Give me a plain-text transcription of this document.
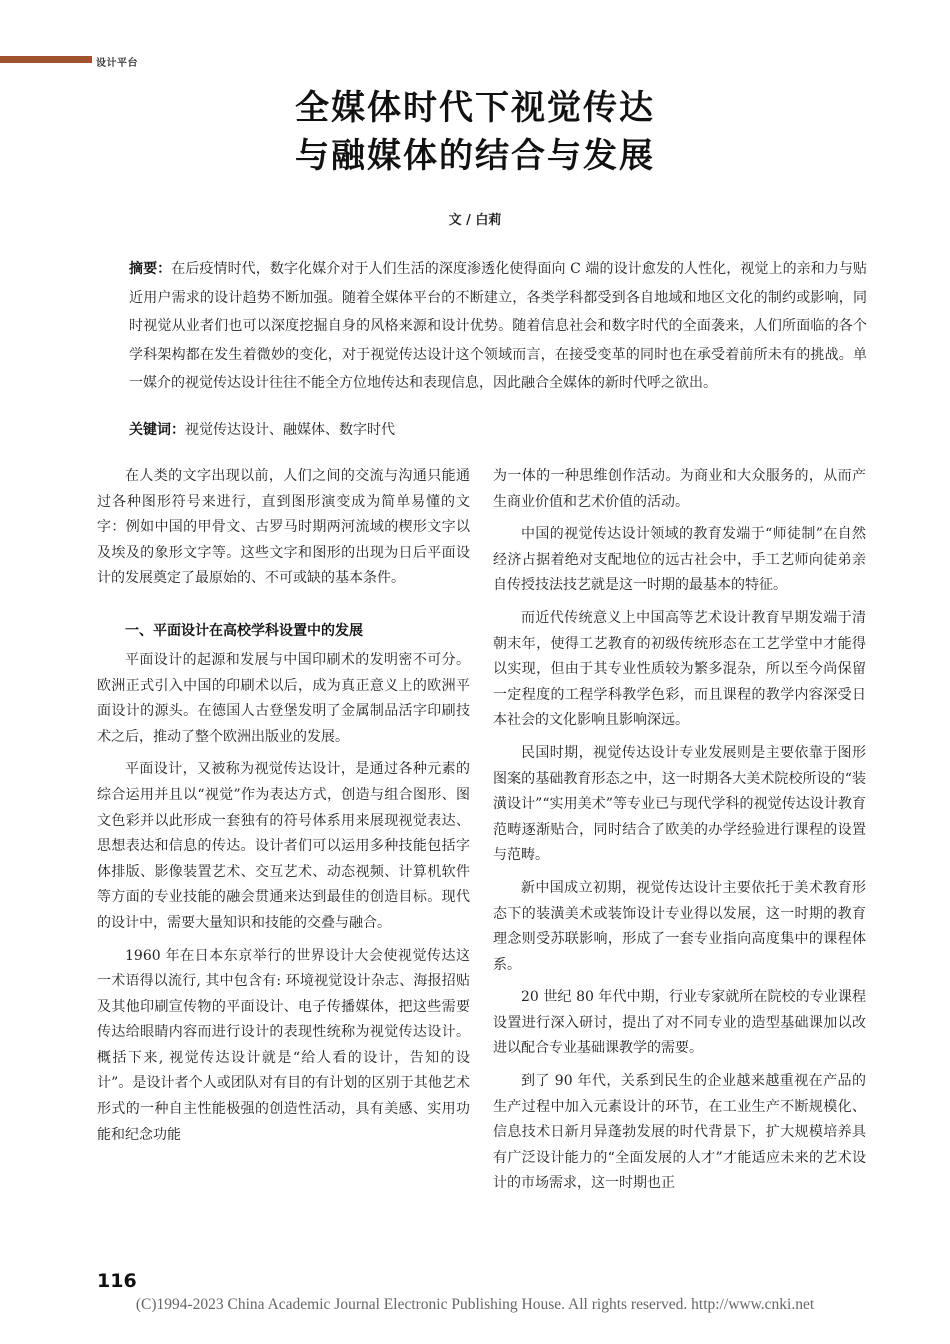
设计平台
全媒体时代下视觉传达
与融媒体的结合与发展
文 / 白莉
摘要：在后疫情时代，数字化媒介对于人们生活的深度渗透化使得面向 C 端的设计愈发的人性化，视觉上的亲和力与贴近用户需求的设计趋势不断加强。随着全媒体平台的不断建立，各类学科都受到各自地域和地区文化的制约或影响，同时视觉从业者们也可以深度挖掘自身的风格来源和设计优势。随着信息社会和数字时代的全面袭来，人们所面临的各个学科架构都在发生着微妙的变化，对于视觉传达设计这个领域而言，在接受变革的同时也在承受着前所未有的挑战。单一媒介的视觉传达设计往往不能全方位地传达和表现信息，因此融合全媒体的新时代呼之欲出。
关键词：视觉传达设计、融媒体、数字时代

在人类的文字出现以前，人们之间的交流与沟通只能通过各种图形符号来进行，直到图形演变成为简单易懂的文字：例如中国的甲骨文、古罗马时期两河流域的楔形文字以及埃及的象形文字等。这些文字和图形的出现为日后平面设计的发展奠定了最原始的、不可或缺的基本条件。

一、平面设计在高校学科设置中的发展

平面设计的起源和发展与中国印刷术的发明密不可分。欧洲正式引入中国的印刷术以后，成为真正意义上的欧洲平面设计的源头。在德国人古登堡发明了金属制品活字印刷技术之后，推动了整个欧洲出版业的发展。

平面设计，又被称为视觉传达设计，是通过各种元素的综合运用并且以“视觉”作为表达方式，创造与组合图形、图文色彩并以此形成一套独有的符号体系用来展现视觉表达、思想表达和信息的传达。设计者们可以运用多种技能包括字体排版、影像装置艺术、交互艺术、动态视频、计算机软件等方面的专业技能的融会贯通来达到最佳的创造目标。现代的设计中，需要大量知识和技能的交叠与融合。

1960 年在日本东京举行的世界设计大会使视觉传达这一术语得以流行, 其中包含有: 环境视觉设计杂志、海报招贴及其他印刷宣传物的平面设计、电子传播媒体，把这些需要传达给眼睛内容而进行设计的表现性统称为视觉传达设计。概括下来, 视觉传达设计就是“给人看的设计，告知的设计”。是设计者个人或团队对有目的有计划的区别于其他艺术形式的一种自主性能极强的创造性活动，具有美感、实用功能和纪念功能

为一体的一种思维创作活动。为商业和大众服务的，从而产生商业价值和艺术价值的活动。

中国的视觉传达设计领域的教育发端于“师徒制”在自然经济占据着绝对支配地位的远古社会中，手工艺师向徒弟亲自传授技法技艺就是这一时期的最基本的特征。

而近代传统意义上中国高等艺术设计教育早期发端于清朝末年，使得工艺教育的初级传统形态在工艺学堂中才能得以实现，但由于其专业性质较为繁多混杂，所以至今尚保留一定程度的工程学科教学色彩，而且课程的教学内容深受日本社会的文化影响且影响深远。

民国时期，视觉传达设计专业发展则是主要依靠于图形图案的基础教育形态之中，这一时期各大美术院校所设的“装潢设计”“实用美术”等专业已与现代学科的视觉传达设计教育范畴逐渐贴合，同时结合了欧美的办学经验进行课程的设置与范畴。

新中国成立初期，视觉传达设计主要依托于美术教育形态下的装潢美术或装饰设计专业得以发展，这一时期的教育理念则受苏联影响，形成了一套专业指向高度集中的课程体系。

20 世纪 80 年代中期，行业专家就所在院校的专业课程设置进行深入研讨，提出了对不同专业的造型基础课加以改进以配合专业基础课教学的需要。

到了 90 年代，关系到民生的企业越来越重视在产品的生产过程中加入元素设计的环节，在工业生产不断规模化、信息技术日新月异蓬勃发展的时代背景下，扩大规模培养具有广泛设计能力的“全面发展的人才”才能适应未来的艺术设计的市场需求，这一时期也正

116
(C)1994-2023 China Academic Journal Electronic Publishing House. All rights reserved. http://www.cnki.net
